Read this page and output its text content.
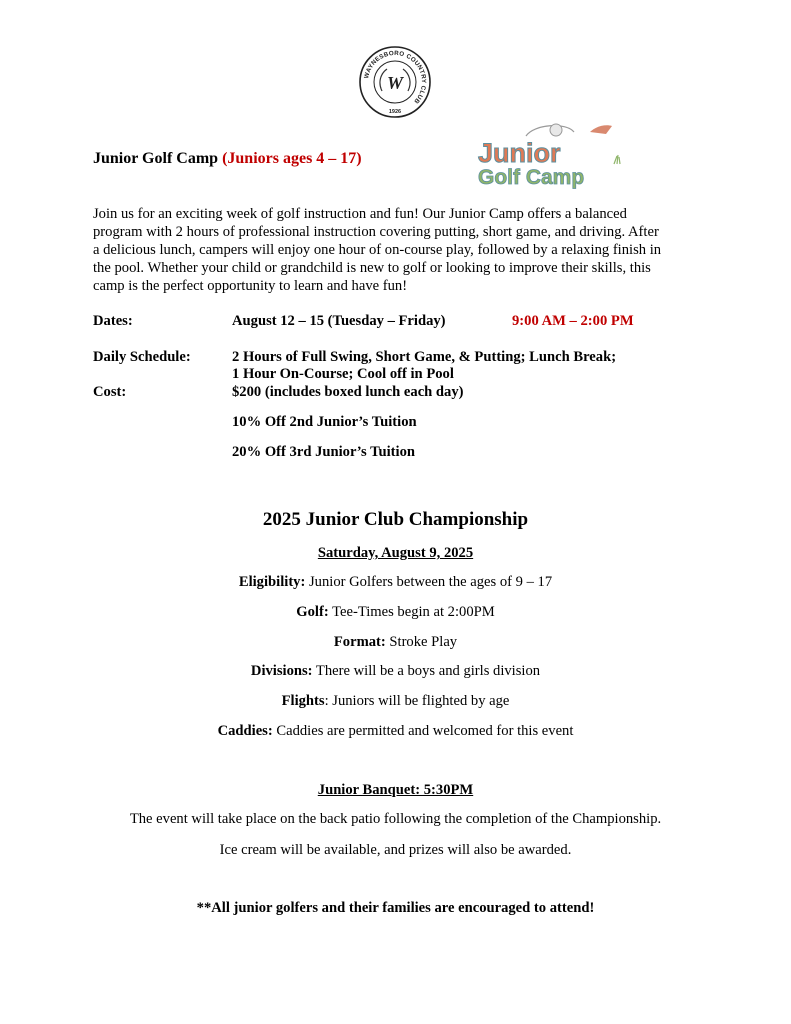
WAYNESBORO COUNTRY CLUB
W
1926
Junior
Golf Camp
Junior Golf Camp (Juniors ages 4 – 17)

Join us for an exciting week of golf instruction and fun! Our Junior Camp offers a balanced

program with 2 hours of professional instruction covering putting, short game, and driving. After

a delicious lunch, campers will enjoy one hour of on-course play, followed by a relaxing finish in

the pool. Whether your child or grandchild is new to golf or looking to improve their skills, this

camp is the perfect opportunity to learn and have fun!

Dates:	August 12 – 15 (Tuesday – Friday)	9:00 AM – 2:00 PM
Daily Schedule:	2 Hours of Full Swing, Short Game, & Putting; Lunch Break;
1 Hour On-Course; Cool off in Pool
Cost:	$200 (includes boxed lunch each day)
10% Off 2nd Junior’s Tuition
20% Off 3rd Junior’s Tuition
2025 Junior Club Championship
Saturday, August 9, 2025
Eligibility: Junior Golfers between the ages of 9 – 17
Golf: Tee-Times begin at 2:00PM
Format: Stroke Play
Divisions: There will be a boys and girls division
Flights: Juniors will be flighted by age
Caddies: Caddies are permitted and welcomed for this event
Junior Banquet: 5:30PM
The event will take place on the back patio following the completion of the Championship.
Ice cream will be available, and prizes will also be awarded.
**All junior golfers and their families are encouraged to attend!
